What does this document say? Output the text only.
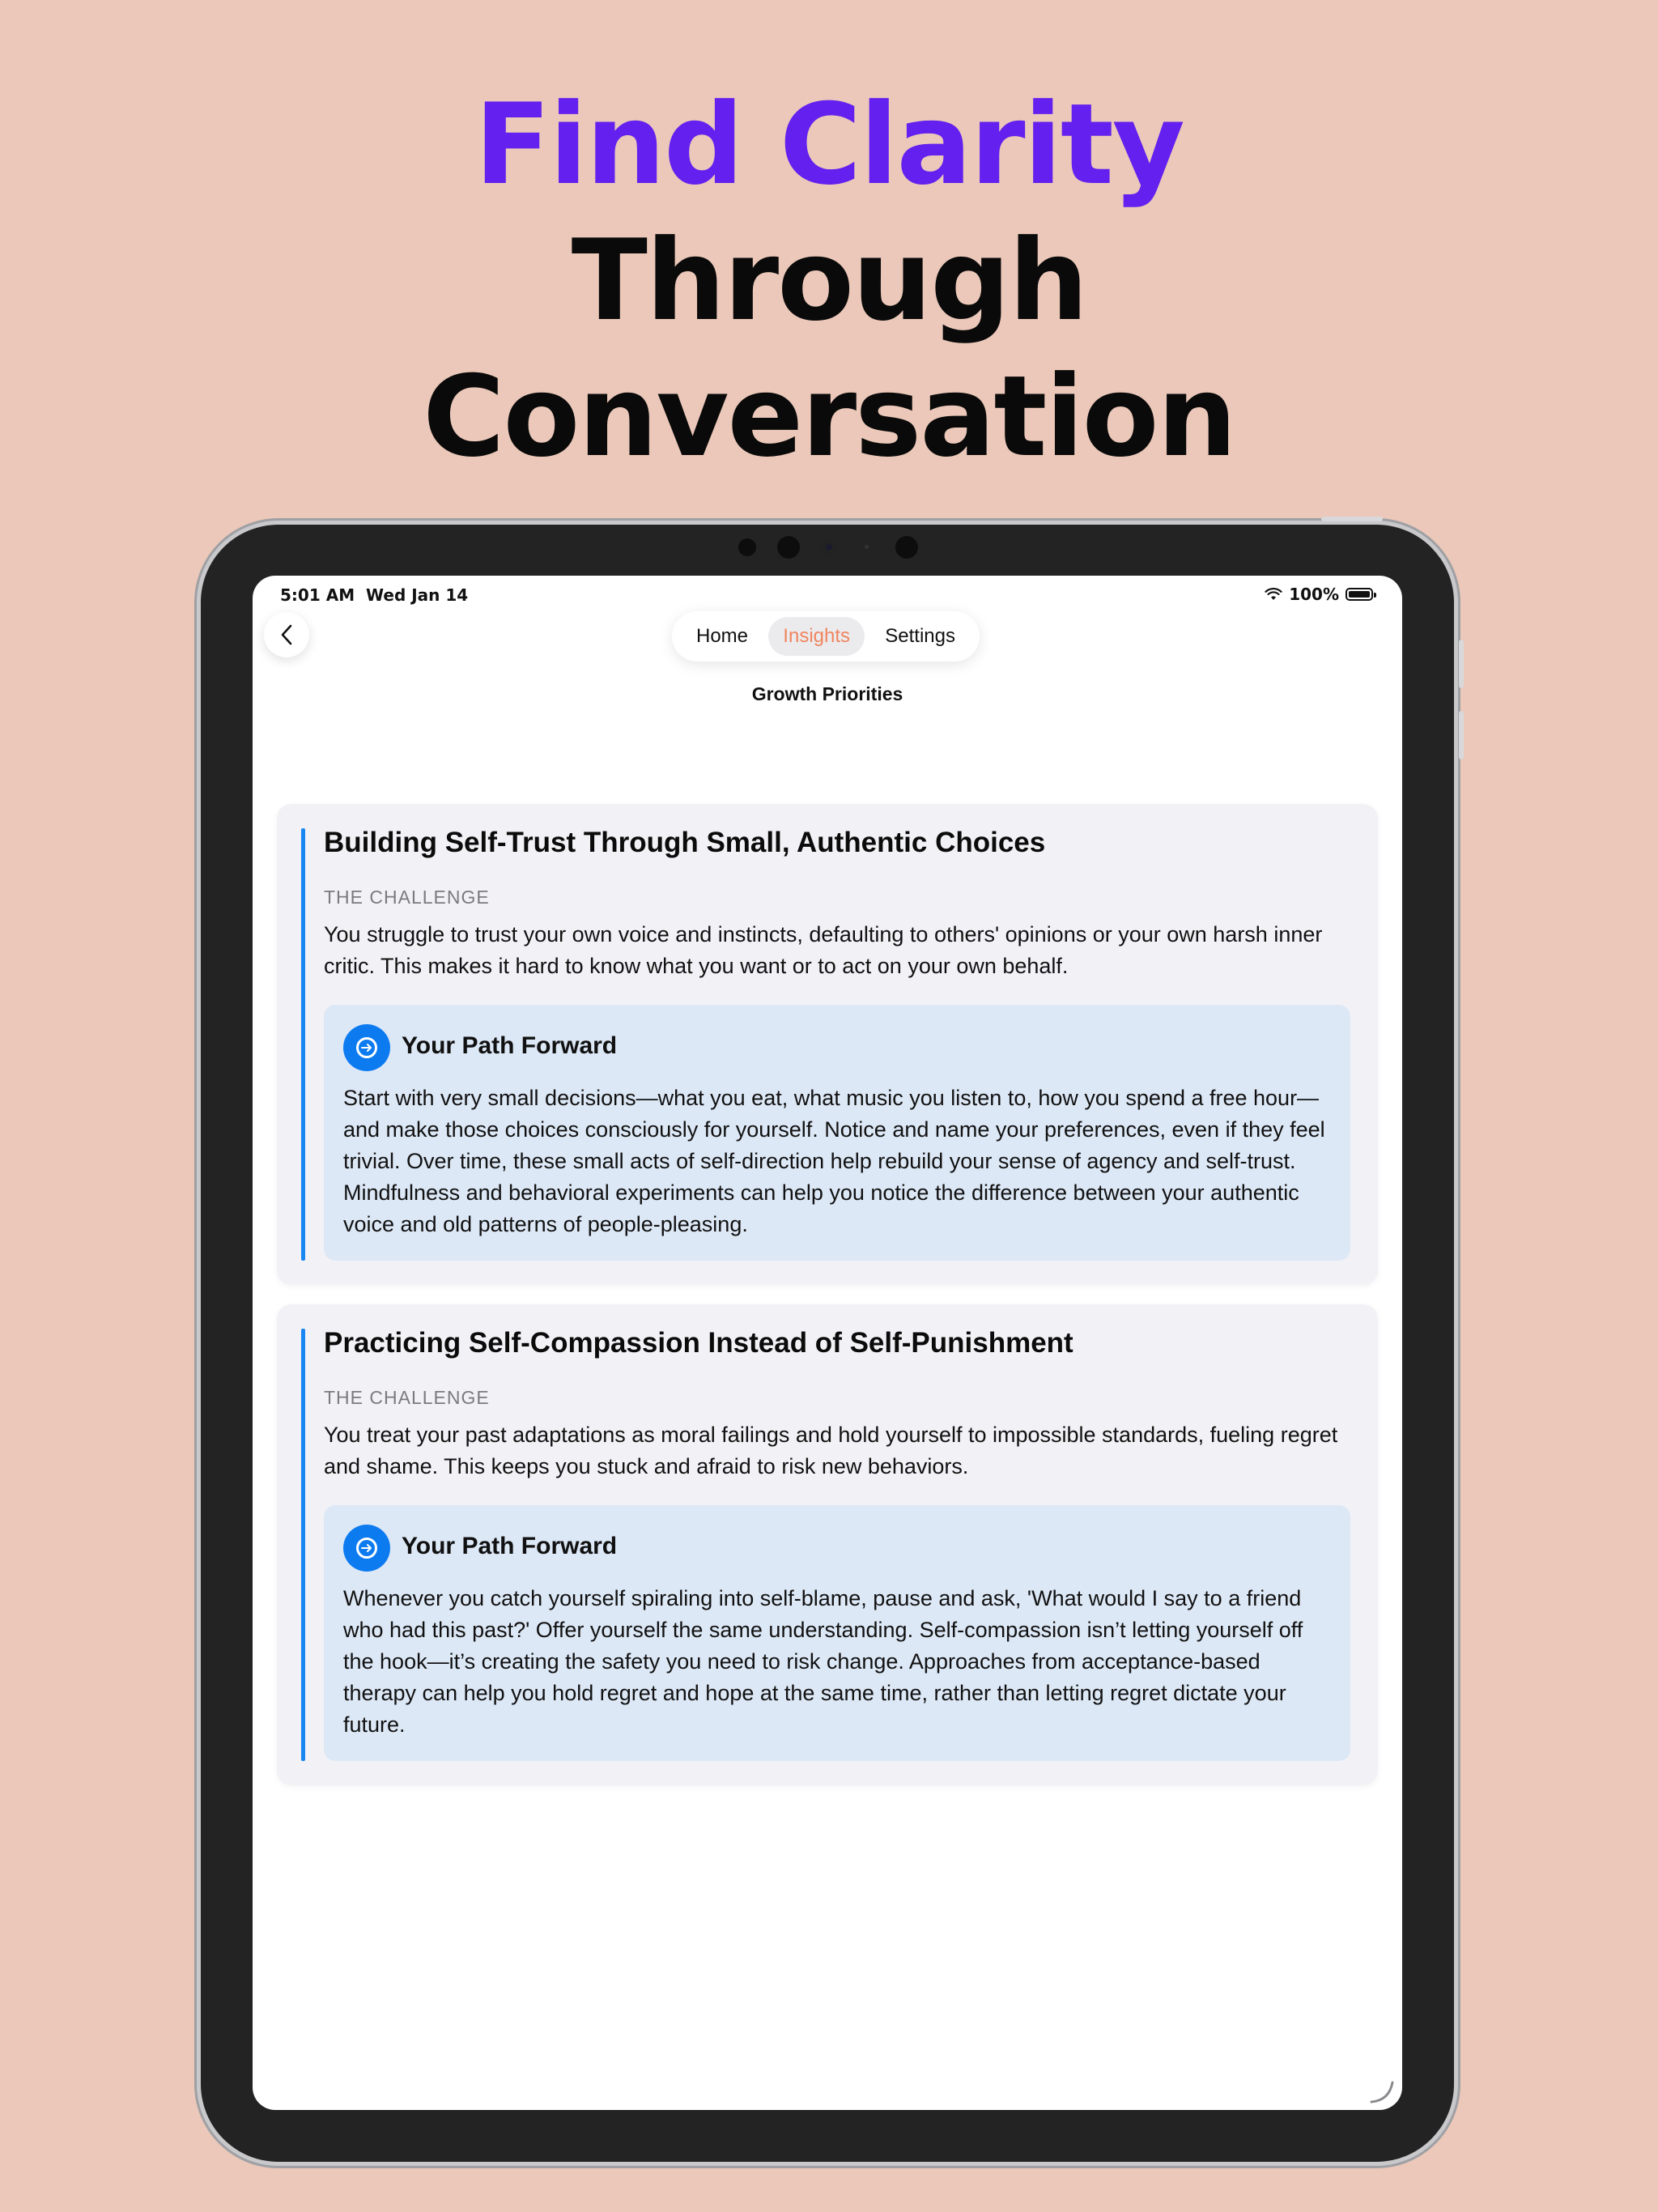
Find Clarity
Through
Conversation
5:01 AM Wed Jan 14	100%
Home	Insights	Settings
Growth Priorities
Building Self-Trust Through Small, Authentic Choices
THE CHALLENGE
You struggle to trust your own voice and instincts, defaulting to others' opinions or your own harsh inner critic. This makes it hard to know what you want or to act on your own behalf.
Your Path Forward
Start with very small decisions—what you eat, what music you listen to, how you spend a free hour—and make those choices consciously for yourself. Notice and name your preferences, even if they feel trivial. Over time, these small acts of self-direction help rebuild your sense of agency and self-trust. Mindfulness and behavioral experiments can help you notice the difference between your authentic voice and old patterns of people-pleasing.
Practicing Self-Compassion Instead of Self-Punishment
THE CHALLENGE
You treat your past adaptations as moral failings and hold yourself to impossible standards, fueling regret and shame. This keeps you stuck and afraid to risk new behaviors.
Your Path Forward
Whenever you catch yourself spiraling into self-blame, pause and ask, 'What would I say to a friend who had this past?' Offer yourself the same understanding. Self-compassion isn’t letting yourself off the hook—it’s creating the safety you need to risk change. Approaches from acceptance-based therapy can help you hold regret and hope at the same time, rather than letting regret dictate your future.
